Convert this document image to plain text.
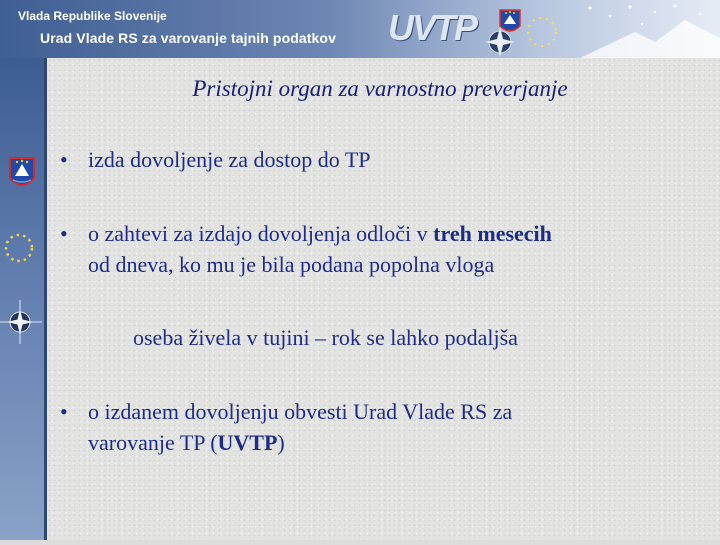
Vlada Republike Slovenije
Urad Vlade RS za varovanje tajnih podatkov UVTP
Pristojni organ za varnostno preverjanje
• izda dovoljenje za dostop do TP
• o zahtevi za izdajo dovoljenja odloči v treh mesecih
od dneva, ko mu je bila podana popolna vloga
oseba živela v tujini – rok se lahko podaljša
• o izdanem dovoljenju obvesti Urad Vlade RS za
varovanje TP (UVTP)
